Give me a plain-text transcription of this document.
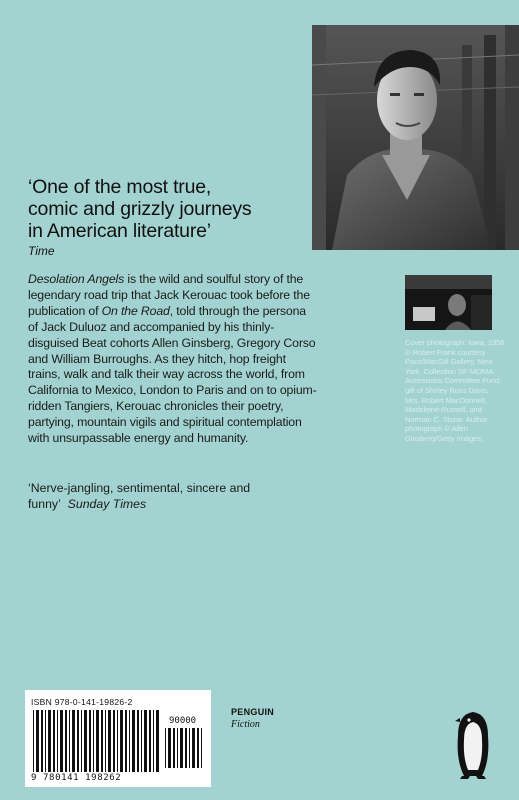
‘One of the most true,
comic and grizzly journeys
in American literature’
Time
Desolation Angels is the wild and soulful story of the legendary road trip that Jack Kerouac took before the publication of On the Road, told through the persona of Jack Duluoz and accompanied by his thinly-disguised Beat cohorts Allen Ginsberg, Gregory Corso and William Burroughs. As they hitch, hop freight trains, walk and talk their way across the world, from California to Mexico, London to Paris and on to opium-ridden Tangiers, Kerouac chronicles their poetry, partying, mountain vigils and spiritual contemplation with unsurpassable energy and humanity.
‘Nerve-jangling, sentimental, sincere and funny’ Sunday Times
Cover photograph: Iowa, 1956 © Robert Frank courtesy Pace/MacGill Gallery, New York. Collection SF-MOMA: Accessions Committee Fund: gift of Shirley Ross Davis, Mrs. Robert MacDonnell, Madeleine Russell, and Norman C. Stone. Author photograph © Allen Ginsberg/Getty Images.
ISBN 978-0-141-19826-2
90000
9 780141 198262
PENGUIN
Fiction
